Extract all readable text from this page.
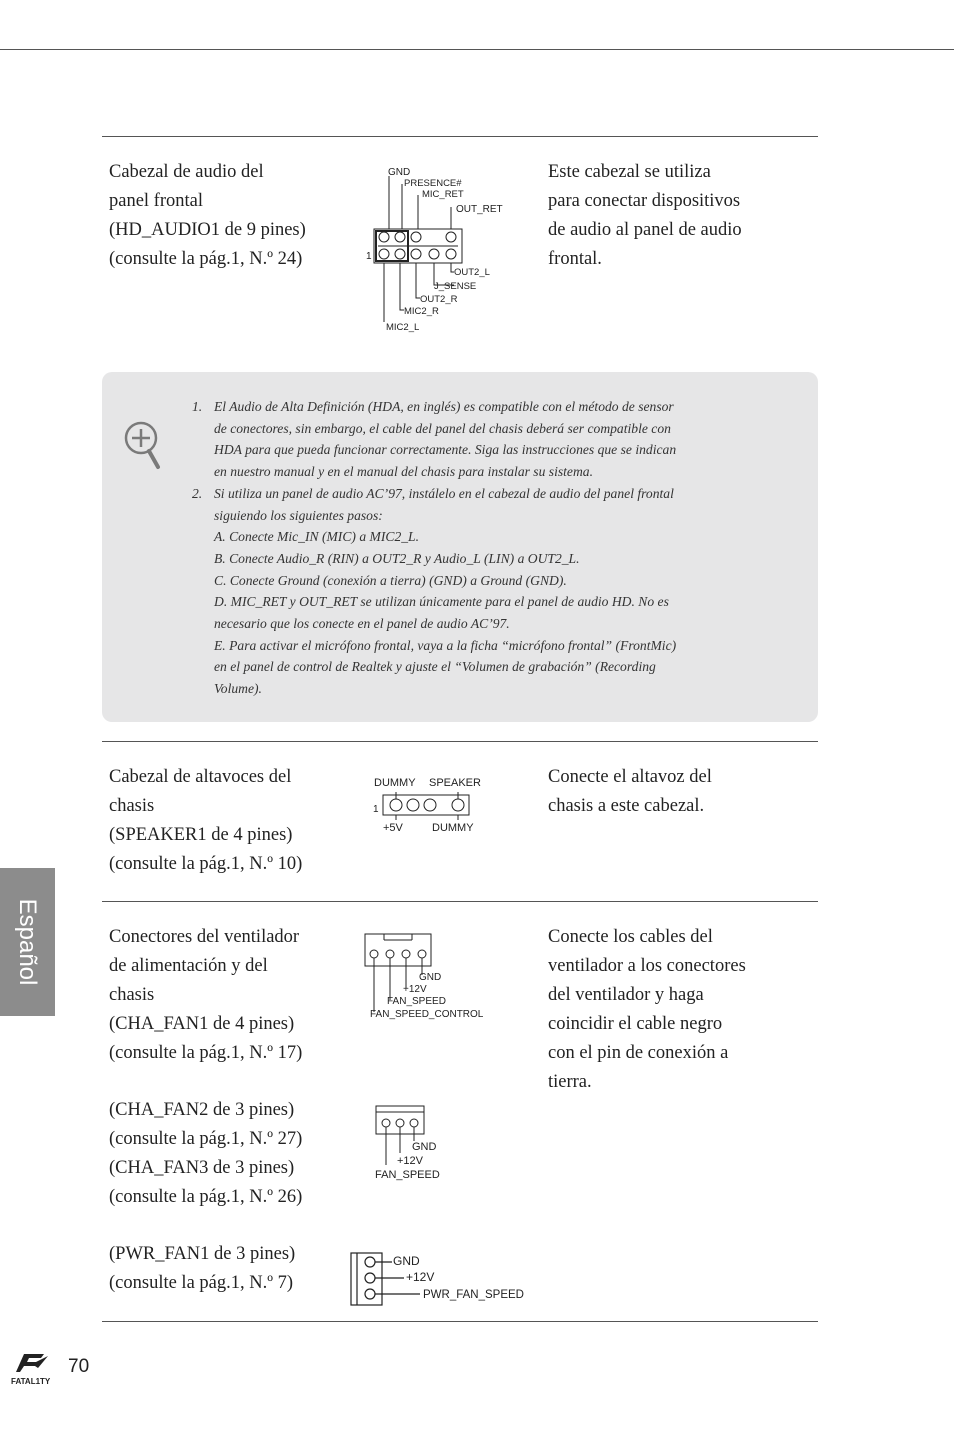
Cabezal de audio del
panel frontal
(HD_AUDIO1 de 9 pines)
(consulte la pág.1, N.º 24)
Este cabezal se utiliza
para conectar dispositivos
de audio al panel de audio
frontal.
GND
PRESENCE#
MIC_RET
OUT_RET
1
OUT2_L
J_SENSE
OUT2_R
MIC2_R
MIC2_L
1. El Audio de Alta Definición (HDA, en inglés) es compatible con el método de sensor
de conectores, sin embargo, el cable del panel del chasis deberá ser compatible con
HDA para que pueda funcionar correctamente. Siga las instrucciones que se indican
en nuestro manual y en el manual del chasis para instalar su sistema.
2. Si utiliza un panel de audio AC’97, instálelo en el cabezal de audio del panel frontal
siguiendo los siguientes pasos:
A. Conecte Mic_IN (MIC) a MIC2_L.
B. Conecte Audio_R (RIN) a OUT2_R y Audio_L (LIN) a OUT2_L.
C. Conecte Ground (conexión a tierra) (GND) a Ground (GND).
D. MIC_RET y OUT_RET se utilizan únicamente para el panel de audio HD. No es
necesario que los conecte en el panel de audio AC’97.
E. Para activar el micrófono frontal, vaya a la ficha “micrófono frontal” (FrontMic)
en el panel de control de Realtek y ajuste el “Volumen de grabación” (Recording
Volume).
Cabezal de altavoces del
chasis
(SPEAKER1 de 4 pines)
(consulte la pág.1, N.º 10)
Conecte el altavoz del
chasis a este cabezal.
DUMMY SPEAKER
1
+5V	DUMMY
Conectores del ventilador
de alimentación y del
chasis
(CHA_FAN1 de 4 pines)
(consulte la pág.1, N.º 17)
(CHA_FAN2 de 3 pines)
(consulte la pág.1, N.º 27)
(CHA_FAN3 de 3 pines)
(consulte la pág.1, N.º 26)
(PWR_FAN1 de 3 pines)
(consulte la pág.1, N.º 7)
Conecte los cables del
ventilador a los conectores
del ventilador y haga
coincidir el cable negro
con el pin de conexión a
tierra.
GND
+12V
FAN_SPEED
FAN_SPEED_CONTROL
GND
+12V
FAN_SPEED
GND
+12V
PWR_FAN_SPEED
Español
FATAL1TY
70
